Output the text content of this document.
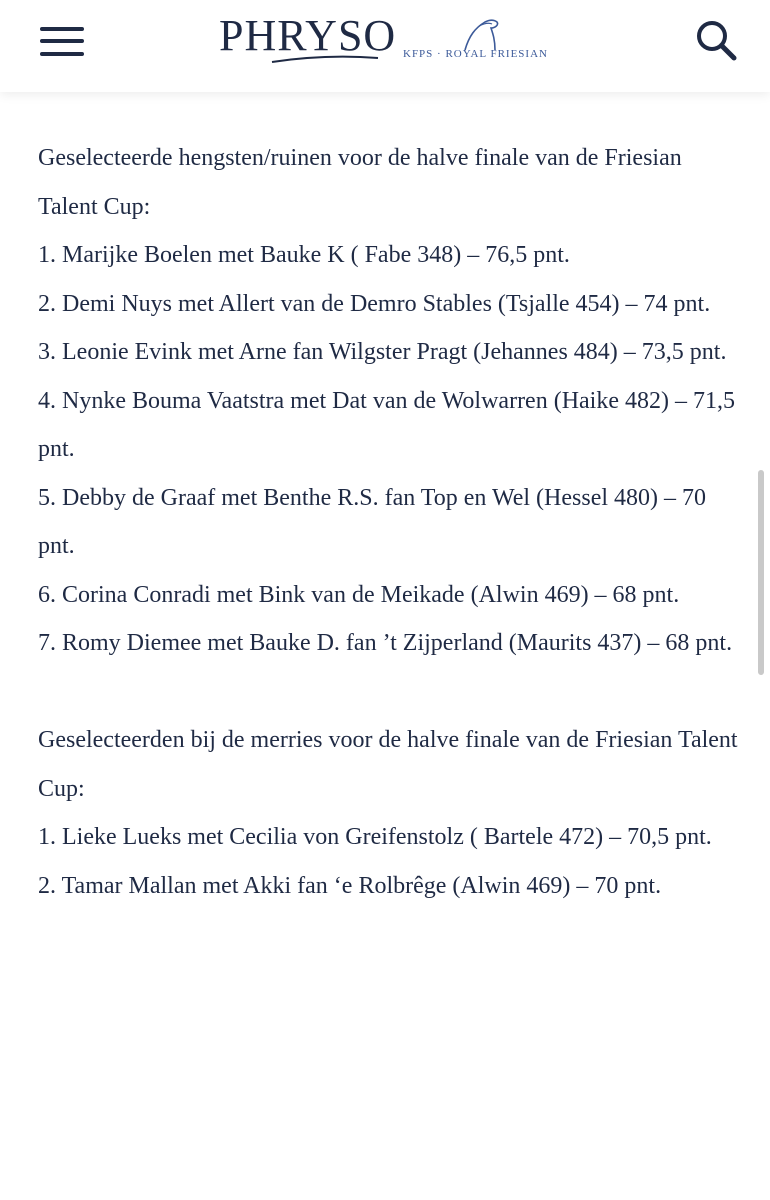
PHRYSO KFPS · ROYAL FRIESIAN

Geselecteerde hengsten/ruinen voor de halve finale van de Friesian Talent Cup:

1. Marijke Boelen met Bauke K ( Fabe 348) – 76,5 pnt.

2. Demi Nuys met Allert van de Demro Stables (Tsjalle 454) – 74 pnt.

3. Leonie Evink met Arne fan Wilgster Pragt (Jehannes 484) – 73,5 pnt.

4. Nynke Bouma Vaatstra met Dat van de Wolwarren (Haike 482) – 71,5 pnt.

5. Debby de Graaf met Benthe R.S. fan Top en Wel (Hessel 480) – 70 pnt.

6. Corina Conradi met Bink van de Meikade (Alwin 469) – 68 pnt.

7. Romy Diemee met Bauke D. fan ’t Zijperland (Maurits 437) – 68 pnt.

Geselecteerden bij de merries voor de halve finale van de Friesian Talent Cup:

1. Lieke Lueks met Cecilia von Greifenstolz ( Bartele 472) – 70,5 pnt.

2. Tamar Mallan met Akki fan ‘e Rolbrêge (Alwin 469) – 70 pnt.
